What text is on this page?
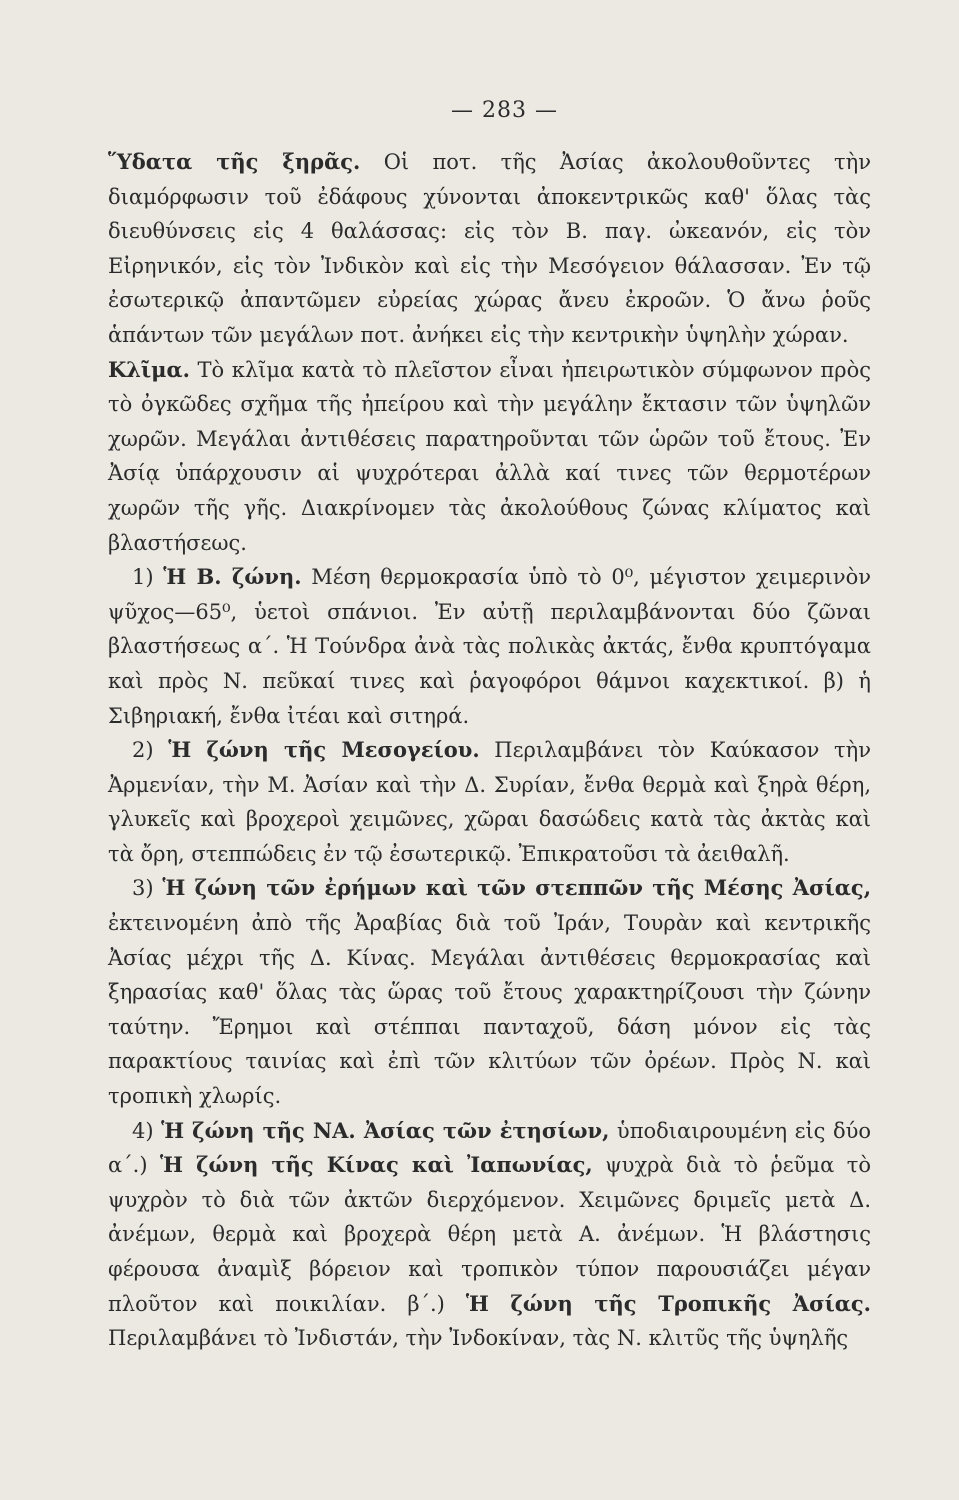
— 283 —

Ὕδατα τῆς ξηρᾶς. Οἱ ποτ. τῆς Ἀσίας ἀκολουθοῦντες τὴν διαμόρφωσιν τοῦ ἐδάφους χύνονται ἀποκεντρικῶς καθ' ὅλας τὰς διευθύνσεις εἰς 4 θαλάσσας: εἰς τὸν Β. παγ. ὠκεανόν, εἰς τὸν Εἰρηνικόν, εἰς τὸν Ἰνδικὸν καὶ εἰς τὴν Μεσόγειον θάλασσαν. Ἐν τῷ ἐσωτερικῷ ἀπαντῶμεν εὐρείας χώρας ἄνευ ἐκροῶν. Ὁ ἄνω ῥοῦς ἁπάντων τῶν μεγάλων ποτ. ἀνήκει εἰς τὴν κεντρικὴν ὑψηλὴν χώραν.

Κλῖμα. Τὸ κλῖμα κατὰ τὸ πλεῖστον εἶναι ἠπειρωτικὸν σύμφωνον πρὸς τὸ ὀγκῶδες σχῆμα τῆς ἠπείρου καὶ τὴν μεγάλην ἔκτασιν τῶν ὑψηλῶν χωρῶν. Μεγάλαι ἀντιθέσεις παρατηροῦνται τῶν ὡρῶν τοῦ ἔτους. Ἐν Ἀσίᾳ ὑπάρχουσιν αἱ ψυχρότεραι ἀλλὰ καί τινες τῶν θερμοτέρων χωρῶν τῆς γῆς. Διακρίνομεν τὰς ἀκολούθους ζώνας κλίματος καὶ βλαστήσεως.

1) Ἡ Β. ζώνη. Μέση θερμοκρασία ὑπὸ τὸ 0⁰, μέγιστον χειμερινὸν ψῦχος—65⁰, ὑετοὶ σπάνιοι. Ἐν αὐτῇ περιλαμβάνονται δύο ζῶναι βλαστήσεως α΄. Ἡ Τούνδρα ἀνὰ τὰς πολικὰς ἀκτάς, ἔνθα κρυπτόγαμα καὶ πρὸς Ν. πεῦκαί τινες καὶ ῥαγοφόροι θάμνοι καχεκτικοί. β) ἡ Σιβηριακή, ἔνθα ἰτέαι καὶ σιτηρά.

2) Ἡ ζώνη τῆς Μεσογείου. Περιλαμβάνει τὸν Καύκασον τὴν Ἀρμενίαν, τὴν Μ. Ἀσίαν καὶ τὴν Δ. Συρίαν, ἔνθα θερμὰ καὶ ξηρὰ θέρη, γλυκεῖς καὶ βροχεροὶ χειμῶνες, χῶραι δασώδεις κατὰ τὰς ἀκτὰς καὶ τὰ ὄρη, στεππώδεις ἐν τῷ ἐσωτερικῷ. Ἐπικρατοῦσι τὰ ἀειθαλῆ.

3) Ἡ ζώνη τῶν ἐρήμων καὶ τῶν στεππῶν τῆς Μέσης Ἀσίας, ἐκτεινομένη ἀπὸ τῆς Ἀραβίας διὰ τοῦ Ἰράν, Τουρὰν καὶ κεντρικῆς Ἀσίας μέχρι τῆς Δ. Κίνας. Μεγάλαι ἀντιθέσεις θερμοκρασίας καὶ ξηρασίας καθ' ὅλας τὰς ὥρας τοῦ ἔτους χαρακτηρίζουσι τὴν ζώνην ταύτην. Ἔρημοι καὶ στέππαι πανταχοῦ, δάση μόνον εἰς τὰς παρακτίους ταινίας καὶ ἐπὶ τῶν κλιτύων τῶν ὀρέων. Πρὸς Ν. καὶ τροπικὴ χλωρίς.

4) Ἡ ζώνη τῆς ΝΑ. Ἀσίας τῶν ἐτησίων, ὑποδιαιρουμένη εἰς δύο α΄.) Ἡ ζώνη τῆς Κίνας καὶ Ἰαπωνίας, ψυχρὰ διὰ τὸ ῥεῦμα τὸ ψυχρὸν τὸ διὰ τῶν ἀκτῶν διερχόμενον. Χειμῶνες δριμεῖς μετὰ Δ. ἀνέμων, θερμὰ καὶ βροχερὰ θέρη μετὰ Α. ἀνέμων. Ἡ βλάστησις φέρουσα ἀναμὶξ βόρειον καὶ τροπικὸν τύπον παρουσιάζει μέγαν πλοῦτον καὶ ποικιλίαν. β΄.) Ἡ ζώνη τῆς Τροπικῆς Ἀσίας. Περιλαμβάνει τὸ Ἰνδιστάν, τὴν Ἰνδοκίναν, τὰς Ν. κλιτῦς τῆς ὑψηλῆς
